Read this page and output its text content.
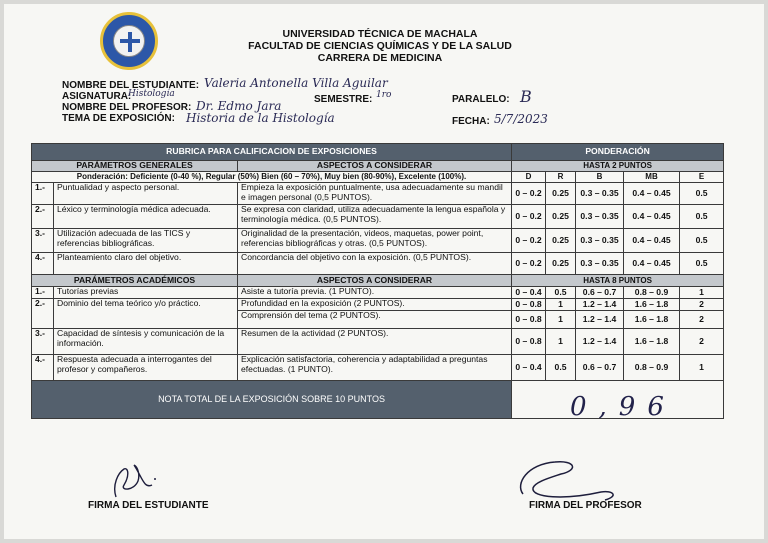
UNIVERSIDAD TÉCNICA DE MACHALA
FACULTAD DE CIENCIAS QUÍMICAS Y DE LA SALUD
CARRERA DE MEDICINA
NOMBRE DEL ESTUDIANTE: Valeria Antonella Villa Aguilar
ASIGNATURA:
Histología	SEMESTRE: 1ro	PARALELO: B
NOMBRE DEL PROFESOR: Dr. Edmo Jara
TEMA DE EXPOSICIÓN: Historia de la Histología	FECHA: 5/7/2023
RUBRICA PARA CALIFICACION DE EXPOSICIONES			PONDERACIÓN				
PARÁMETROS GENERALES		ASPECTOS A CONSIDERAR	HASTA 2 PUNTOS				
Ponderación: Deficiente (0-40 %), Regular (50%) Bien (60 – 70%), Muy bien (80-90%), Excelente (100%).			D	R	B	MB	E
1.-	Puntualidad y aspecto personal.	Empieza la exposición puntualmente, usa adecuadamente su mandil e imagen personal (0,5 PUNTOS).	0 – 0.2	0.25	0.3 – 0.35	0.4 – 0.45	0.5
2.-	Léxico y terminología médica adecuada.	Se expresa con claridad, utiliza adecuadamente la lengua española y terminología médica. (0,5 PUNTOS).	0 – 0.2	0.25	0.3 – 0.35	0.4 – 0.45	0.5
3.-	Utilización adecuada de las TICS y referencias bibliográficas.	Originalidad de la presentación, videos, maquetas, power point, referencias bibliográficas y otras. (0,5 PUNTOS).	0 – 0.2	0.25	0.3 – 0.35	0.4 – 0.45	0.5
4.-	Planteamiento claro del objetivo.	Concordancia del objetivo con la exposición. (0,5 PUNTOS).	0 – 0.2	0.25	0.3 – 0.35	0.4 – 0.45	0.5
PARÁMETROS ACADÉMICOS		ASPECTOS A CONSIDERAR	HASTA 8 PUNTOS				
1.-	Tutorías previas	Asiste a tutoría previa. (1 PUNTO).	0 – 0.4	0.5	0.6 – 0.7	0.8 – 0.9	1
2.-	Dominio del tema teórico y/o práctico.	Profundidad en la exposición (2 PUNTOS).	0 – 0.8	1	1.2 – 1.4	1.6 – 1.8	2
		Comprensión del tema (2 PUNTOS).	0 – 0.8	1	1.2 – 1.4	1.6 – 1.8	2
3.-	Capacidad de síntesis y comunicación de la información.	Resumen de la actividad (2 PUNTOS).	0 – 0.8	1	1.2 – 1.4	1.6 – 1.8	2
4.-	Respuesta adecuada a interrogantes del profesor y compañeros.	Explicación satisfactoria, coherencia y adaptabilidad a preguntas efectuadas. (1 PUNTO).	0 – 0.4	0.5	0.6 – 0.7	0.8 – 0.9	1
NOTA TOTAL DE LA EXPOSICIÓN SOBRE 10 PUNTOS								0,96
FIRMA DEL ESTUDIANTE	FIRMA DEL PROFESOR
